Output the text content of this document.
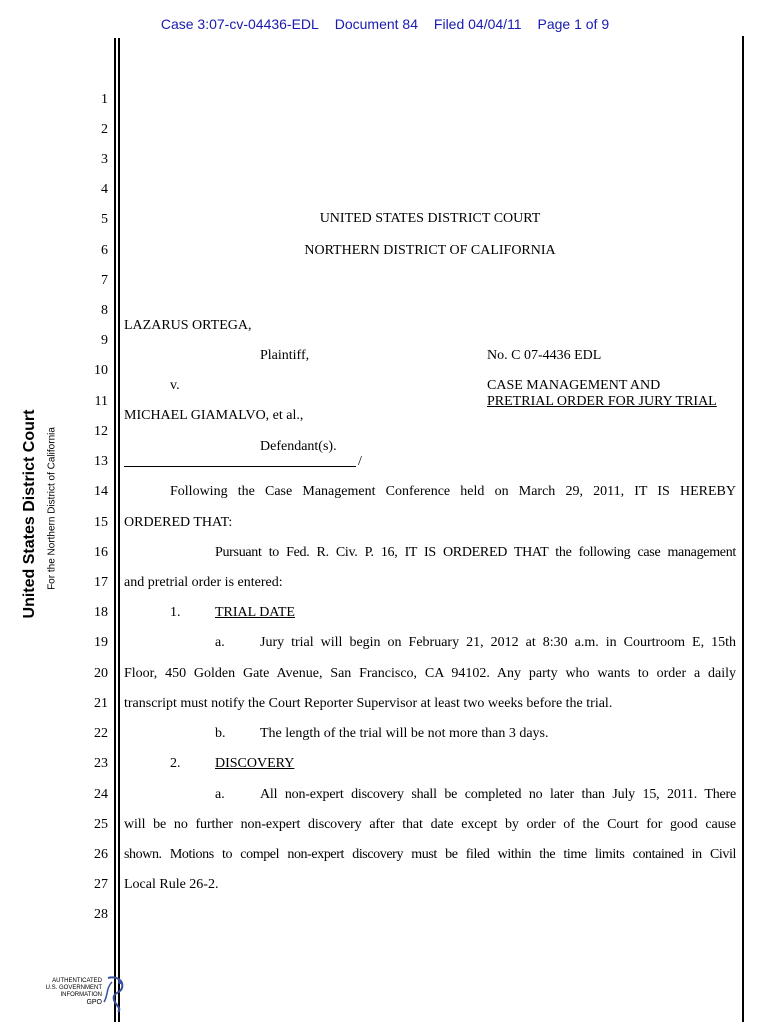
Case 3:07-cv-04436-EDL Document 84 Filed 04/04/11 Page 1 of 9
United States District Court For the Northern District of California
1
2
3
4
5
6
7
8
9
10
11
12
13
14
15
16
17
18
19
20
21
22
23
24
25
26
27
28
UNITED STATES DISTRICT COURT
NORTHERN DISTRICT OF CALIFORNIA
LAZARUS ORTEGA,
Plaintiff,
v.
MICHAEL GIAMALVO, et al.,
Defendant(s).
/
No. C 07-4436 EDL
CASE MANAGEMENT AND
PRETRIAL ORDER FOR JURY TRIAL
Following the Case Management Conference held on March 29, 2011, IT IS HEREBY
ORDERED THAT:
Pursuant to Fed. R. Civ. P. 16, IT IS ORDERED THAT the following case management
and pretrial order is entered:
1. TRIAL DATE
a.	Jury trial will begin on February 21, 2012 at 8:30 a.m. in Courtroom E, 15th
Floor, 450 Golden Gate Avenue, San Francisco, CA 94102. Any party who wants to order a daily
transcript must notify the Court Reporter Supervisor at least two weeks before the trial.
b. The length of the trial will be not more than 3 days.
2. DISCOVERY
a.	All non-expert discovery shall be completed no later than July 15, 2011. There
will be no further non-expert discovery after that date except by order of the Court for good cause
shown. Motions to compel non-expert discovery must be filed within the time limits contained in Civil
Local Rule 26-2.
AUTHENTICATED
U.S. GOVERNMENT
INFORMATION
GPO
